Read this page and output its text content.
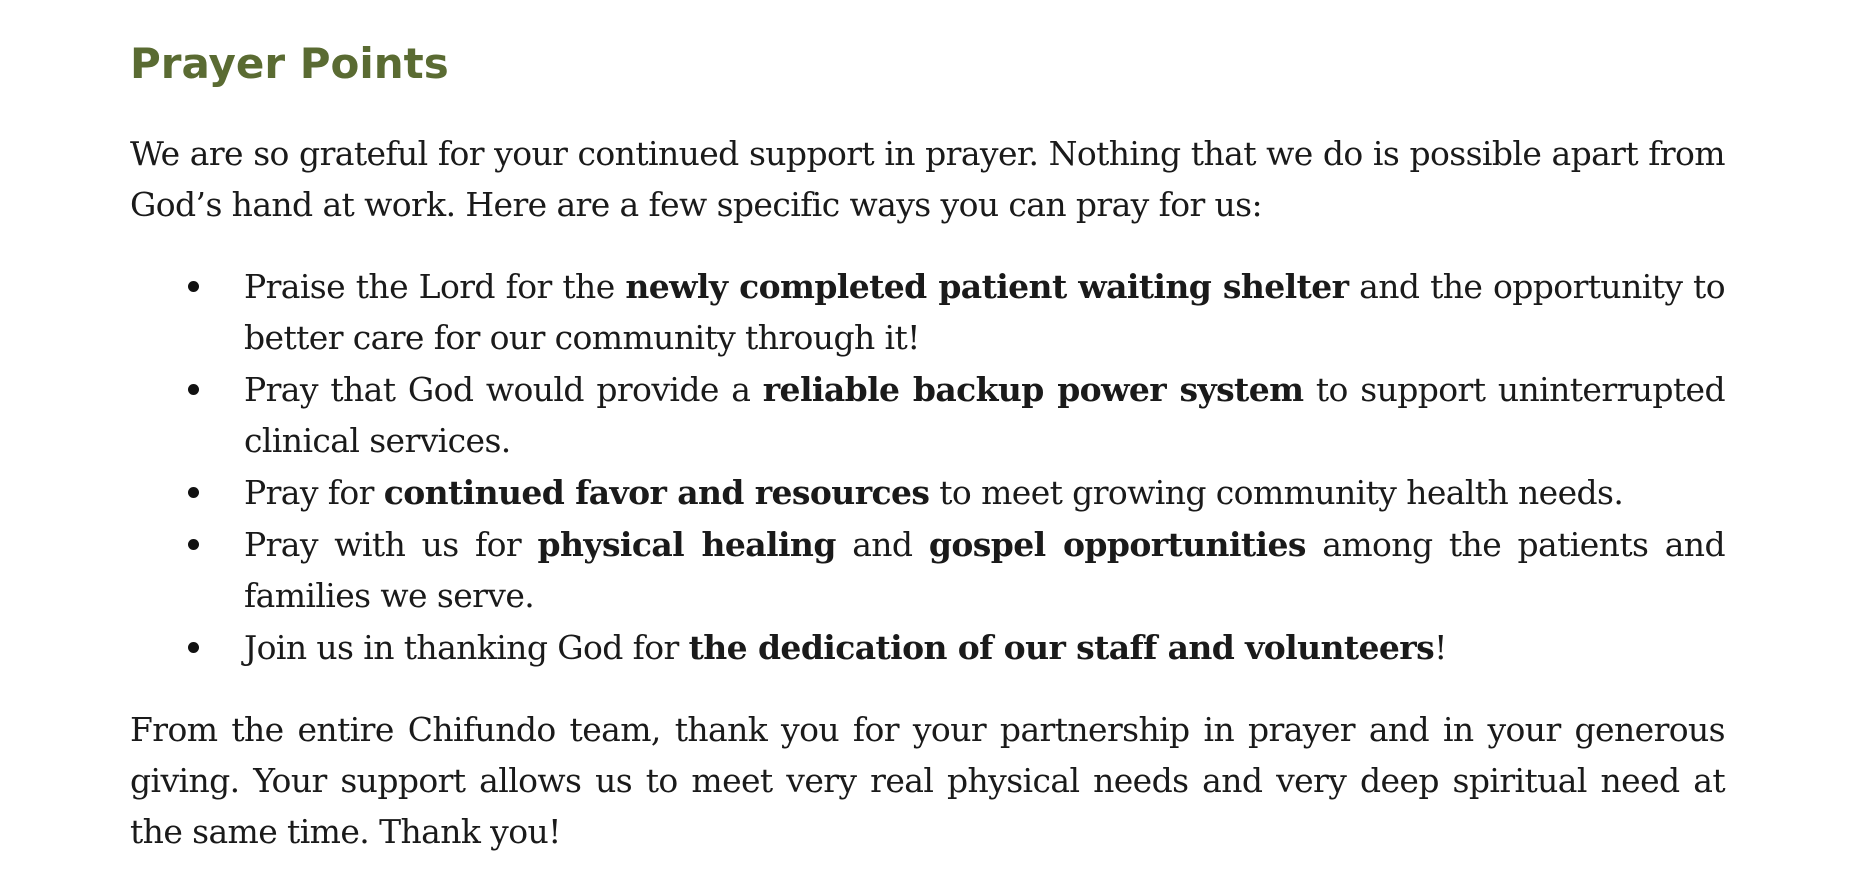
Prayer Points

We are so grateful for your continued support in prayer. Nothing that we do is possible apart from God’s hand at work. Here are a few specific ways you can pray for us:

Praise the Lord for the newly completed patient waiting shelter and the opportunity to better care for our community through it!
Pray that God would provide a reliable backup power system to support uninterrupted clinical services.
Pray for continued favor and resources to meet growing community health needs.
Pray with us for physical healing and gospel opportunities among the patients and families we serve.
Join us in thanking God for the dedication of our staff and volunteers!

From the entire Chifundo team, thank you for your partnership in prayer and in your generous giving. Your support allows us to meet very real physical needs and very deep spiritual need at the same time. Thank you!
